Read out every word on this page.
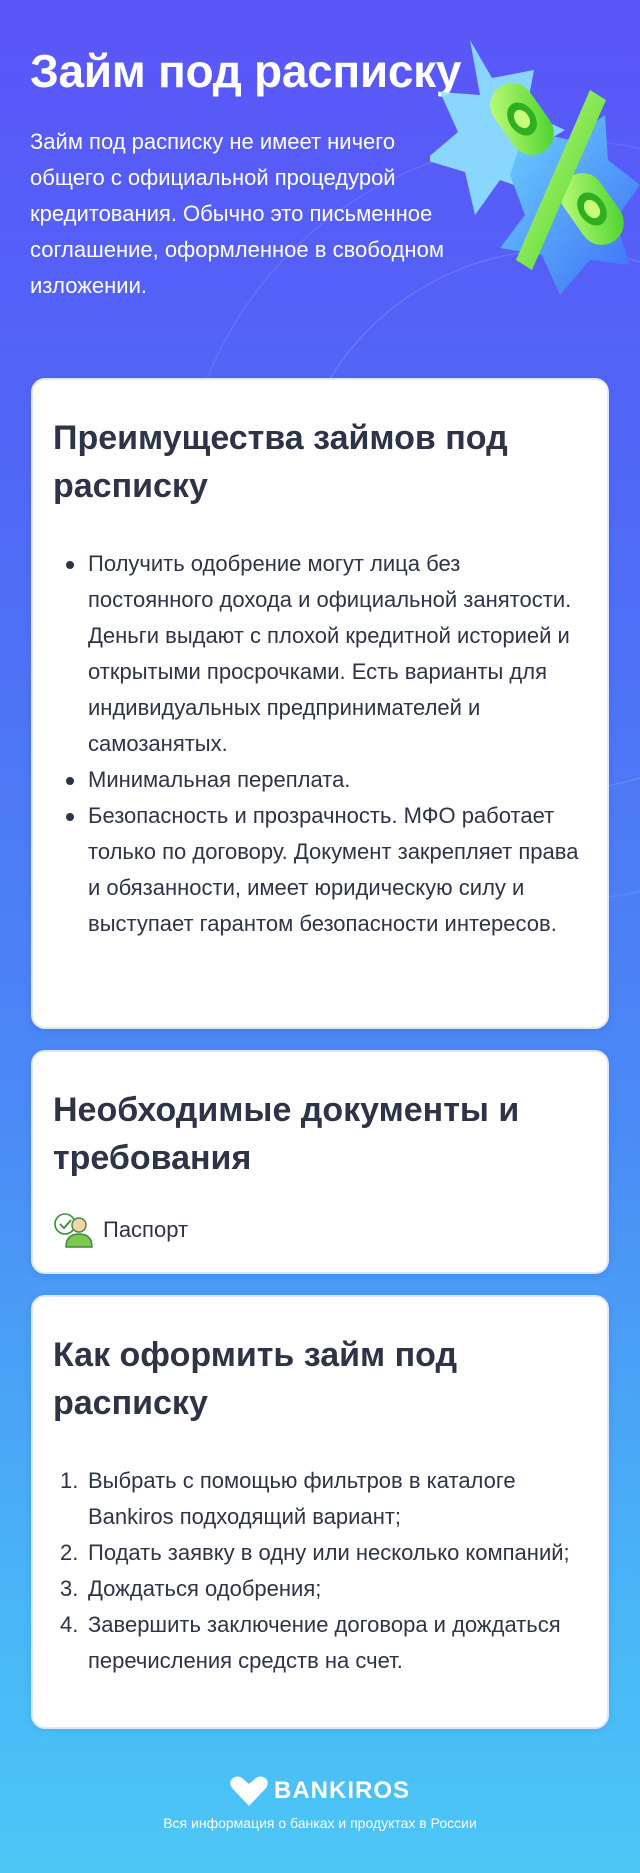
Займ под расписку
Займ под расписку не имеет ничего общего с официальной процедурой кредитования. Обычно это письменное соглашение, оформленное в свободном изложении.
Преимущества займов под расписку
Получить одобрение могут лица без постоянного дохода и официальной занятости. Деньги выдают с плохой кредитной историей и открытыми просрочками. Есть варианты для индивидуальных предпринимателей и самозанятых.
Минимальная переплата.
Безопасность и прозрачность. МФО работает только по договору. Документ закрепляет права и обязанности, имеет юридическую силу и выступает гарантом безопасности интересов.
Необходимые документы и требования
Паспорт
Как оформить займ под расписку
1. Выбрать с помощью фильтров в каталоге Bankiros подходящий вариант;
2. Подать заявку в одну или несколько компаний;
3. Дождаться одобрения;
4. Завершить заключение договора и дождаться перечисления средств на счет.
BANKIROS
Вся информация о банках и продуктах в России
